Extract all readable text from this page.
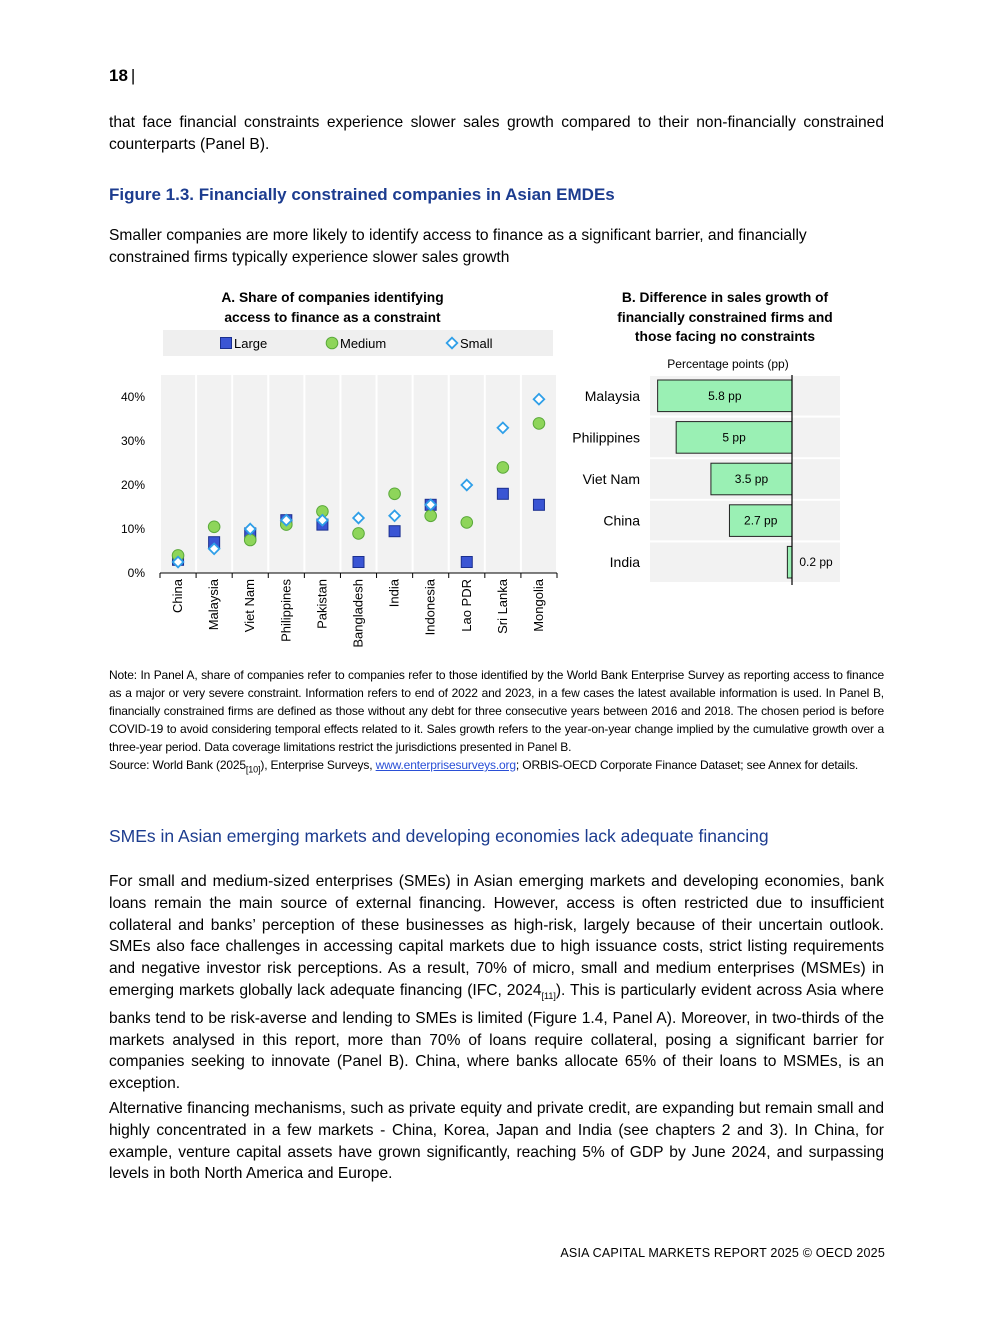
18 |
that face financial constraints experience slower sales growth compared to their non-financially constrained counterparts (Panel B).
Figure 1.3. Financially constrained companies in Asian EMDEs
Smaller companies are more likely to identify access to finance as a significant barrier, and financially constrained firms typically experience slower sales growth
A. Share of companies identifying access to finance as a constraint
Large	Medium	Small
0%
10%
20%
30%
40%
China Malaysia Viet Nam Philippines Pakistan Bangladesh India Indonesia Lao PDR Sri Lanka Mongolia
B. Difference in sales growth of financially constrained firms and those facing no constraints
Percentage points (pp)
Malaysia	5.8 pp
Philippines	5 pp
Viet Nam	3.5 pp
China	2.7 pp
India	0.2 pp
Note: In Panel A, share of companies refer to companies refer to those identified by the World Bank Enterprise Survey as reporting access to finance as a major or very severe constraint. Information refers to end of 2022 and 2023, in a few cases the latest available information is used. In Panel B, financially constrained firms are defined as those without any debt for three consecutive years between 2016 and 2018. The chosen period is before COVID-19 to avoid considering temporal effects related to it. Sales growth refers to the year-on-year change implied by the cumulative growth over a three-year period. Data coverage limitations restrict the jurisdictions presented in Panel B.
Source: World Bank $(2025_{[10]})$, Enterprise Surveys, www.enterprisesurveys.org; ORBIS-OECD Corporate Finance Dataset; see Annex for details.
SMEs in Asian emerging markets and developing economies lack adequate financing
For small and medium-sized enterprises (SMEs) in Asian emerging markets and developing economies, bank loans remain the main source of external financing. However, access is often restricted due to insufficient collateral and banks’ perception of these businesses as high-risk, largely because of their uncertain outlook. SMEs also face challenges in accessing capital markets due to high issuance costs, strict listing requirements and negative investor risk perceptions. As a result, 70% of micro, small and medium enterprises (MSMEs) in emerging markets globally lack adequate financing (IFC, $2024_{[11]}$). This is particularly evident across Asia where banks tend to be risk-averse and lending to SMEs is limited (Figure 1.4, Panel A). Moreover, in two-thirds of the markets analysed in this report, more than 70% of loans require collateral, posing a significant barrier for companies seeking to innovate (Panel B). China, where banks allocate 65% of their loans to MSMEs, is an exception.
Alternative financing mechanisms, such as private equity and private credit, are expanding but remain small and highly concentrated in a few markets - China, Korea, Japan and India (see chapters 2 and 3). In China, for example, venture capital assets have grown significantly, reaching 5% of GDP by June 2024, and surpassing levels in both North America and Europe.
ASIA CAPITAL MARKETS REPORT 2025 © OECD 2025
